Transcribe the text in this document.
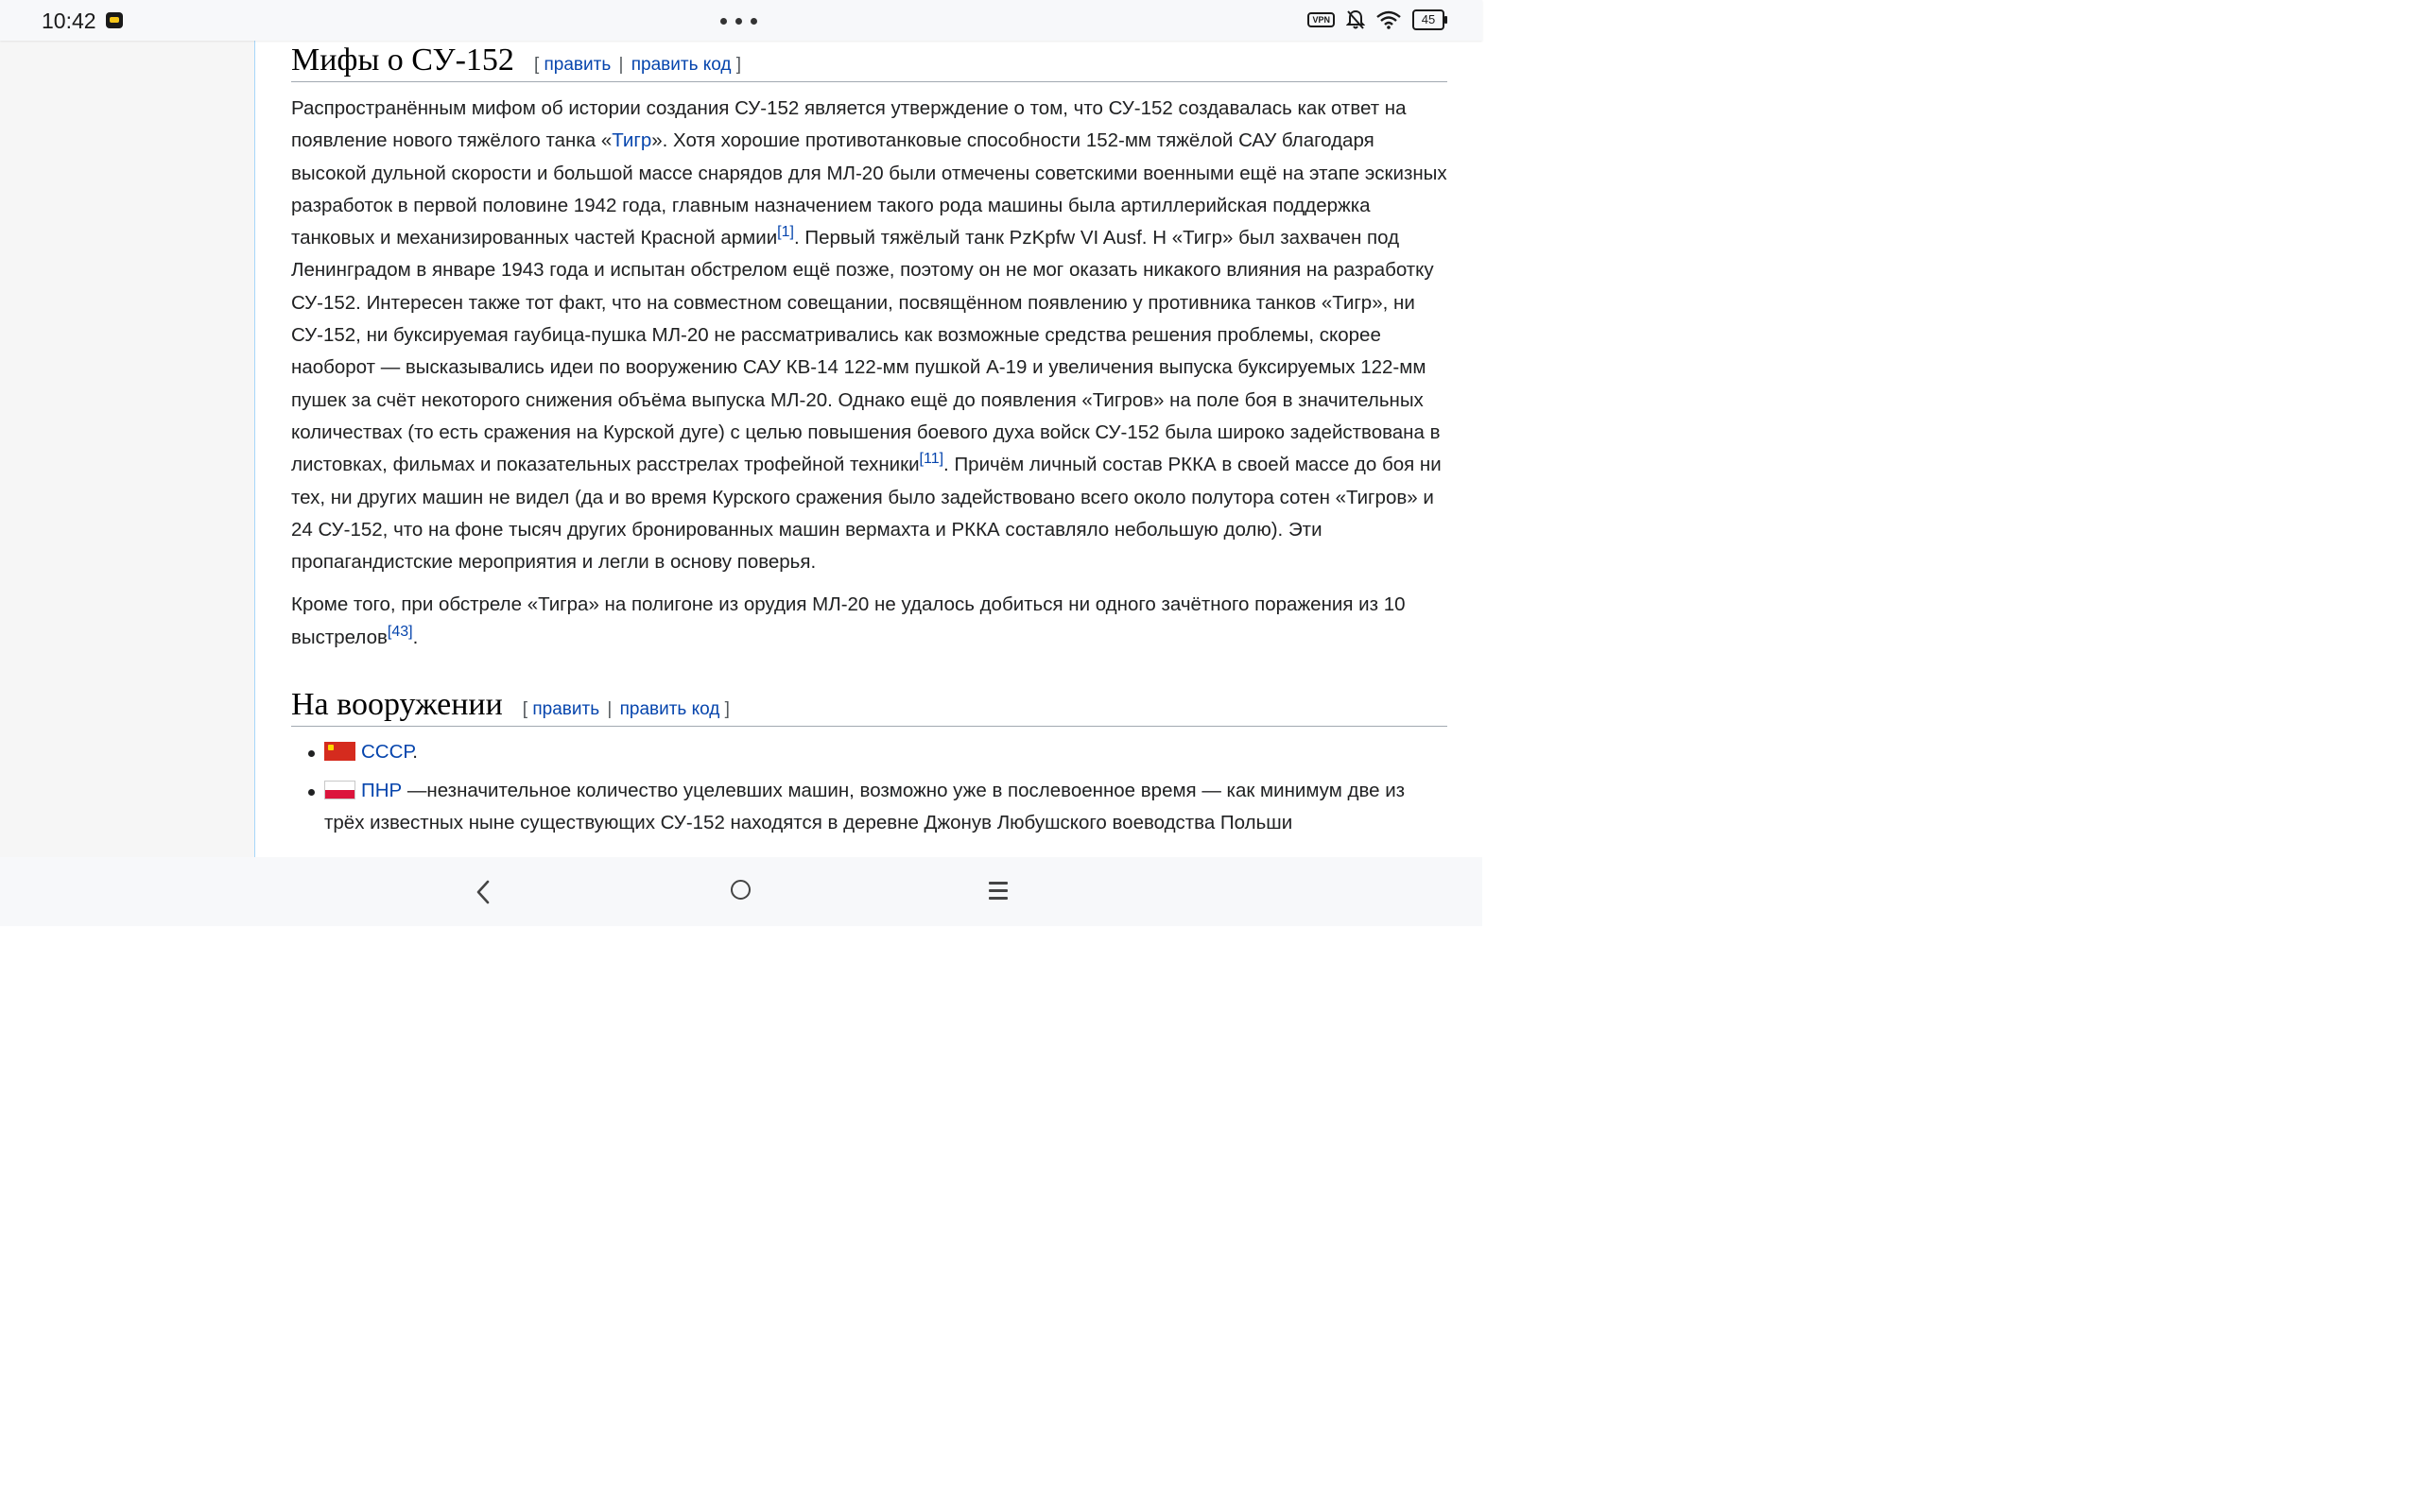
10:42	VPN	45
Мифы о СУ-152 [ править | править код ]

Распространённым мифом об истории создания СУ-152 является утверждение о том, что СУ-152 создавалась как ответ на появление нового тяжёлого танка «Тигр». Хотя хорошие противотанковые способности 152-мм тяжёлой САУ благодаря высокой дульной скорости и большой массе снарядов для МЛ-20 были отмечены советскими военными ещё на этапе эскизных разработок в первой половине 1942 года, главным назначением такого рода машины была артиллерийская поддержка танковых и механизированных частей Красной армии[1]. Первый тяжёлый танк PzKpfw VI Ausf. H «Тигр» был захвачен под Ленинградом в январе 1943 года и испытан обстрелом ещё позже, поэтому он не мог оказать никакого влияния на разработку СУ-152. Интересен также тот факт, что на совместном совещании, посвящённом появлению у противника танков «Тигр», ни СУ-152, ни буксируемая гаубица-пушка МЛ-20 не рассматривались как возможные средства решения проблемы, скорее наоборот — высказывались идеи по вооружению САУ КВ-14 122-мм пушкой А-19 и увеличения выпуска буксируемых 122-мм пушек за счёт некоторого снижения объёма выпуска МЛ-20. Однако ещё до появления «Тигров» на поле боя в значительных количествах (то есть сражения на Курской дуге) с целью повышения боевого духа войск СУ-152 была широко задействована в листовках, фильмах и показательных расстрелах трофейной техники[11]. Причём личный состав РККА в своей массе до боя ни тех, ни других машин не видел (да и во время Курского сражения было задействовано всего около полутора сотен «Тигров» и 24 СУ-152, что на фоне тысяч других бронированных машин вермахта и РККА составляло небольшую долю). Эти пропагандистские мероприятия и легли в основу поверья.

Кроме того, при обстреле «Тигра» на полигоне из орудия МЛ-20 не удалось добиться ни одного зачётного поражения из 10 выстрелов[43].

На вооружении [ править | править код ]
СССР.
ПНР —незначительное количество уцелевших машин, возможно уже в послевоенное время — как минимум две из трёх известных ныне существующих СУ-152 находятся в деревне Джонув Любушского воеводства Польши
